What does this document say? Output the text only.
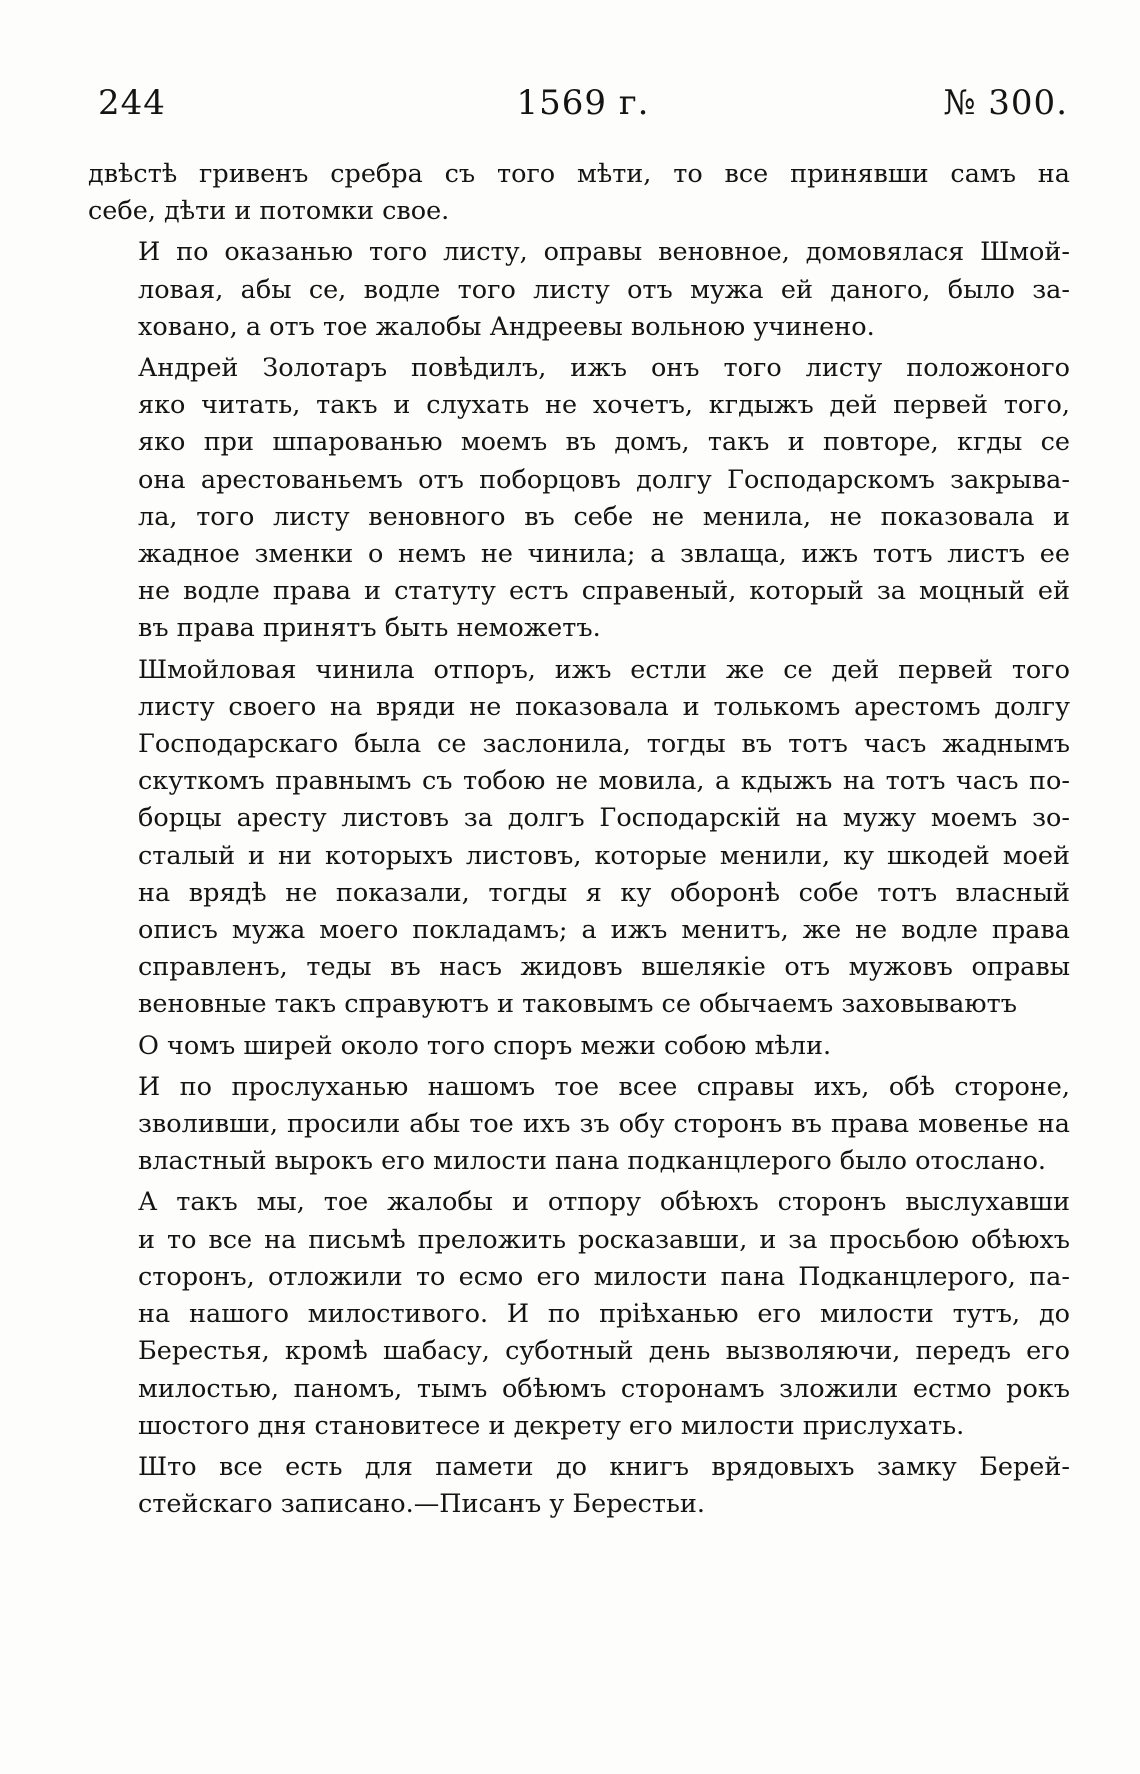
244	1569 г.	№ 300.

двѣстѣ гривенъ сребра съ того мѣти, то все принявши самъ на
себе, дѣти и потомки свое.

И по оказанью того листу, оправы веновное, домовялася Шмой-
ловая, абы се, водле того листу отъ мужа ей даного, было за-
ховано, а отъ тое жалобы Андреевы вольною учинено.

Андрей Золотаръ повѣдилъ, ижъ онъ того листу положоного
яко читать, такъ и слухать не хочетъ, кгдыжъ дей первей того,
яко при шпарованью моемъ въ домъ, такъ и повторе, кгды се
она арестованьемъ отъ поборцовъ долгу Господарскомъ закрыва-
ла, того листу веновного въ себе не менила, не показовала и
жадное зменки о немъ не чинила; а звлаща, ижъ тотъ листъ ее
не водле права и статуту естъ справеный, который за моцный ей
въ права принятъ быть неможетъ.

Шмойловая чинила отпоръ, ижъ естли же се дей первей того
листу своего на вряди не показовала и толькомъ арестомъ долгу
Господарскаго была се заслонила, тогды въ тотъ часъ жаднымъ
скуткомъ правнымъ съ тобою не мовила, а кдыжъ на тотъ часъ по-
борцы аресту листовъ за долгъ Господарскій на мужу моемъ зо-
сталый и ни которыхъ листовъ, которые менили, ку шкодей моей
на врядѣ не показали, тогды я ку оборонѣ собе тотъ власный
описъ мужа моего покладамъ; а ижъ менитъ, же не водле права
справленъ, теды въ насъ жидовъ вшелякіе отъ мужовъ оправы
веновные такъ справуютъ и таковымъ се обычаемъ заховываютъ

О чомъ ширей около того споръ межи собою мѣли.

И по прослуханью нашомъ тое всее справы ихъ, обѣ стороне,
зволивши, просили абы тое ихъ зъ обу сторонъ въ права мовенье на
властный вырокъ его милости пана подканцлерого было отослано.

А такъ мы, тое жалобы и отпору обѣюхъ сторонъ выслухавши
и то все на письмѣ преложить росказавши, и за просьбою обѣюхъ
сторонъ, отложили то есмо его милости пана Подканцлерого, па-
на нашого милостивого. И по пріѣханью его милости тутъ, до
Берестья, кромѣ шабасу, суботный день вызволяючи, передъ его
милостью, паномъ, тымъ обѣюмъ сторонамъ зложили естмо рокъ
шостого дня становитесе и декрету его милости прислухать.

Што все есть для памети до книгъ врядовыхъ замку Берей-
стейскаго записано.—Писанъ у Берестьи.
